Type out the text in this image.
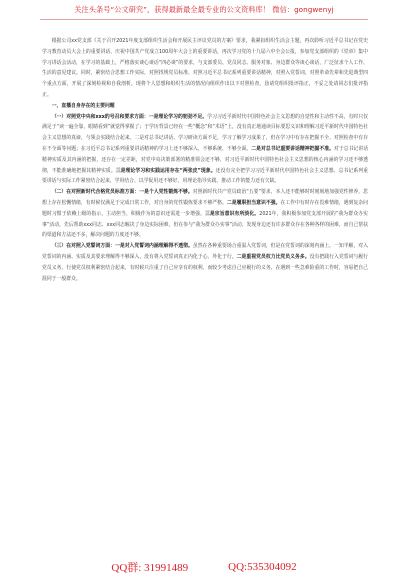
关注头条号“公文研究”，获得最新最全最专业的公文资料库！ 微信：gongwenyj

根据公司xx党支部《关于召开2021年度支部组织生活会和开展民主评议党员的方案》要求，我紧扣组织生活会主题，再次聆听习近平总书记在党史学习教育动员大会上的重要讲话、庆祝中国共产党成立100周年大会上的重要讲话，再次学习党的十九届六中全会公报，参加党支部组织的《党章》集中学习讲话会活动，在学习的基础上，严格落实谈心谈话“四必谈”的要求，与支部委员、党员同志、服务对象、身边群众等谈心谈话，广泛征求个人工作、生活的意见建议。同时，紧密结合思想工作实际，对照找规党员标准、对照习近平总书记系列重要讲话精神，对照入党誓词，对照革命先辈和先进典型四个重点方面，开展了深刻检视和自我剖析。现将个人思想和组织生活的情况向组织作出以下对照检查，恳请党组织批评指正，不妥之处请同志们批评指正。

一、直播自身存在的主要问题

（一）对照党中央和xxx的号召和要求方面：一是理论学习的韧劲不足。学习习近平新时代中国特色社会主义思想的自觉性和主动性不高，有时只仅满足于“读一遍全靠，眼睛看到”就觉得掌握了；于学历背景已经在一些“概念”和“术语”上，没有真正地通读目标要思义识和理解习近平新时代中国特色社会主义思想的真谛，与领会实践结合起来。二是对总书记讲话、学习研读方面不足，学习了解学习成果了，但在学习中有存在把握不全、对照检查中有存在不全面等问题；在习近平总书记系列重要讲话精神的学习上还不够深入、不够系统、不够全面。二是对总书记重要讲话精神把握不准。对于总书记讲话精神实质及其内涵的把握，还存在一定差距，对党中央决策部署的精准领会还不够，对习近平新时代中国特色社会主义思想的核心内涵的学习还不够透彻，不能准确地把握其精神实质。三是理论学习和实践运用存在“两张皮”现象。还没有完全把学习习近平新时代中国特色社会主义思想、总书记系列重要讲话与实际工作紧密结合起来，学用结合、以学促用还不够好，用理论指导实践、推动工作的能力还有欠缺。

（二）在对照新时代合格党员标准方面：一是个人党性锻炼不够。对照新时代共产党员政治“五要”要求，本人还不能够时时刻刻地加强党性修养，思想上存在松懈情绪，有时候仅满足于完成日常工作，对自身的党性锻炼要求不够严格。二是履职担当意识不强。在工作中有时存在畏难情绪，遇到复杂问题时习惯于依赖上级的指示，主动担当、积极作为的意识还需进一步增强。三是宗旨意识有所淡化。2021年，我积极参加党支部开展的“我为群众办实事”活动，先后帮助xxx同志、xxx同志解决了身边实际困难，但在参与“我为群众办实事”活动、发现身边还有许多群众存在各种各样的困难，而自己帮扶的渠道和方法还不多，解决问题的力度还不够。

（三）在对照入党誓词方面：一是对入党誓词内涵理解得不透彻。虽然在各种重要场合重温入党誓词，但是在党誓词的深刻内涵上，一知半解，对入党誓词的内涵、实质及其要求理解得不够深入，没有将入党誓词真正内化于心、外化于行。二是重视党员权力比党员义务多。没有把践行入党誓词与履行党员义务、行使党员权利紧密结合起来，有时候只注重了自己应享有的权利，而较少考虑自己应履行的义务，在遇到一些急难险重的工作时，容易把自己混同于一般群众。

QQ群: 31991489	QQ:535304092
